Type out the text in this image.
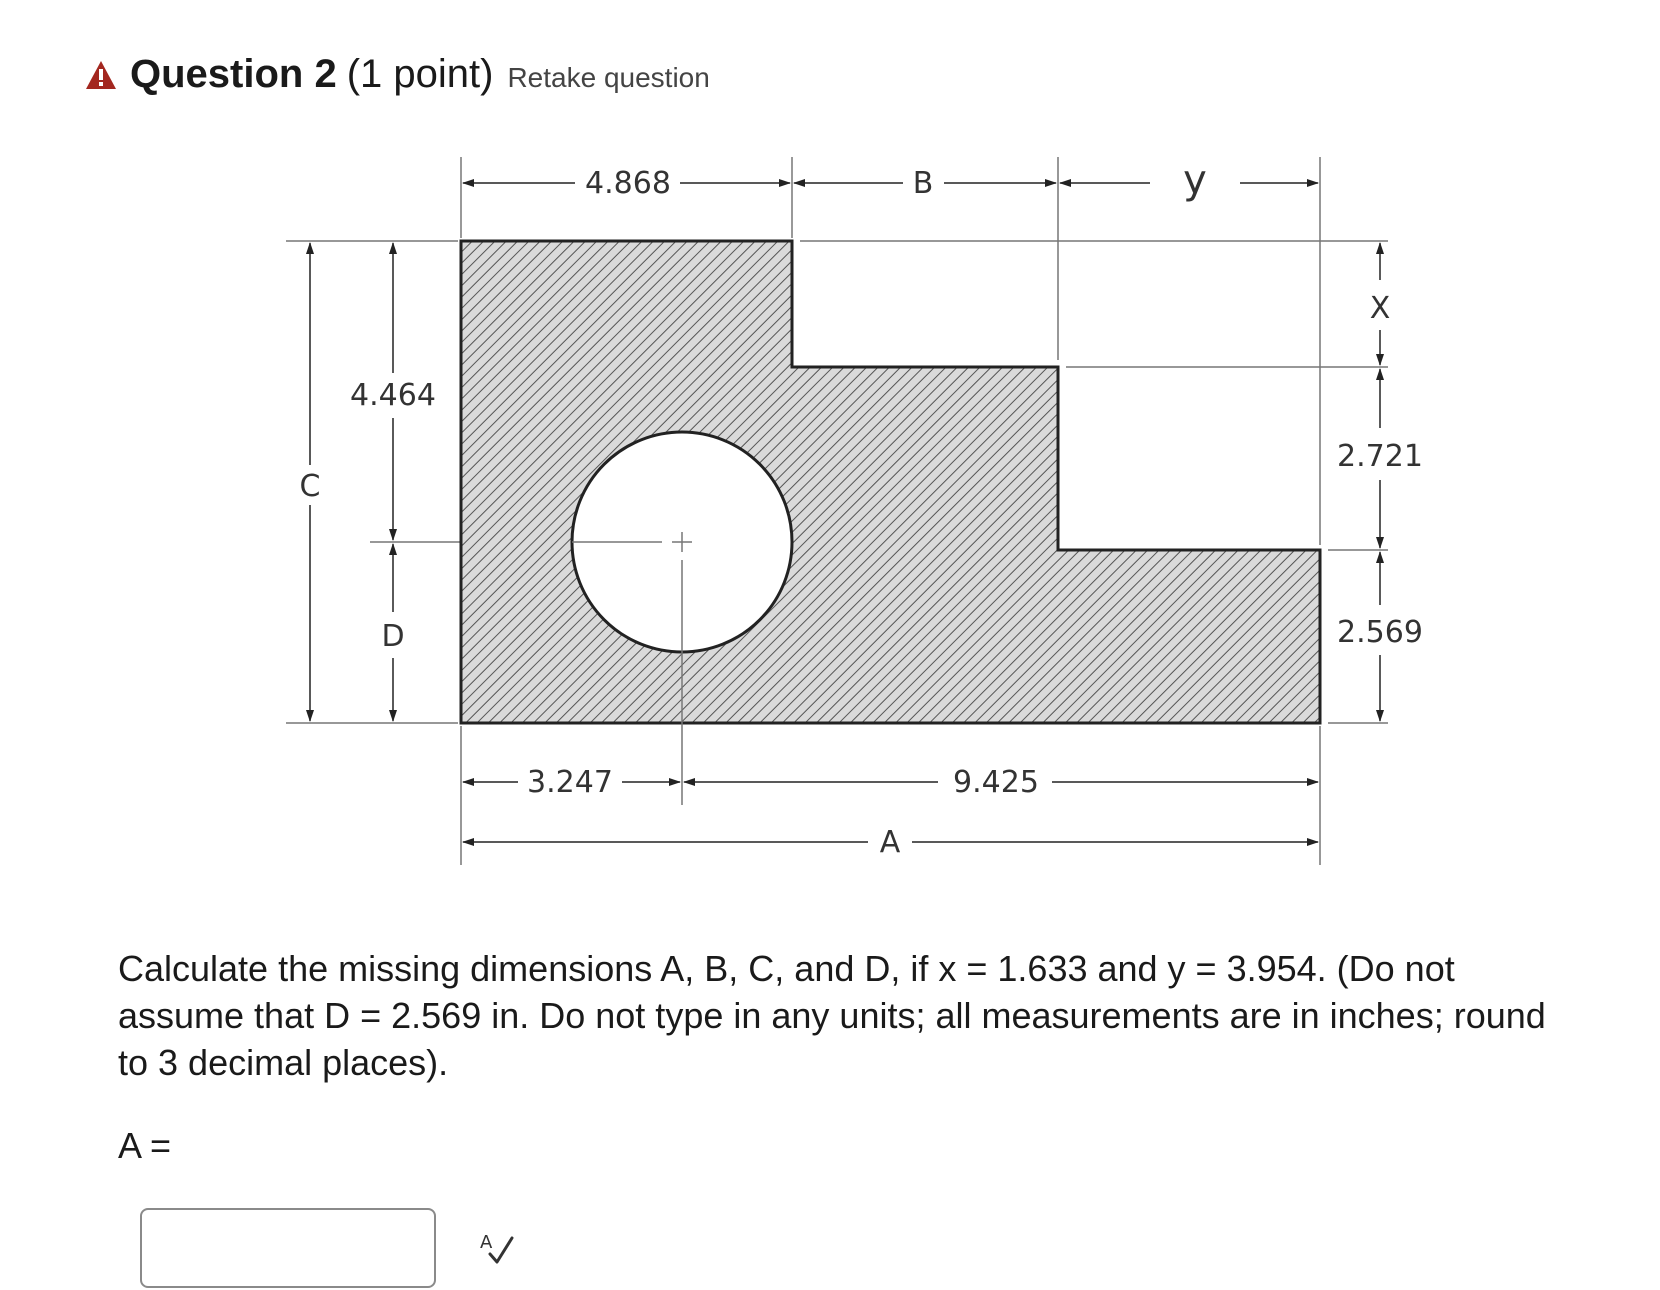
Question 2 (1 point) Retake question
4.868	B	y
C
4.464
D
X
2.721
2.569
3.247	9.425
A
Calculate the missing dimensions A, B, C, and D, if x = 1.633 and y = 3.954. (Do not assume that D = 2.569 in. Do not type in any units; all measurements are in inches; round to 3 decimal places).
A =
A
